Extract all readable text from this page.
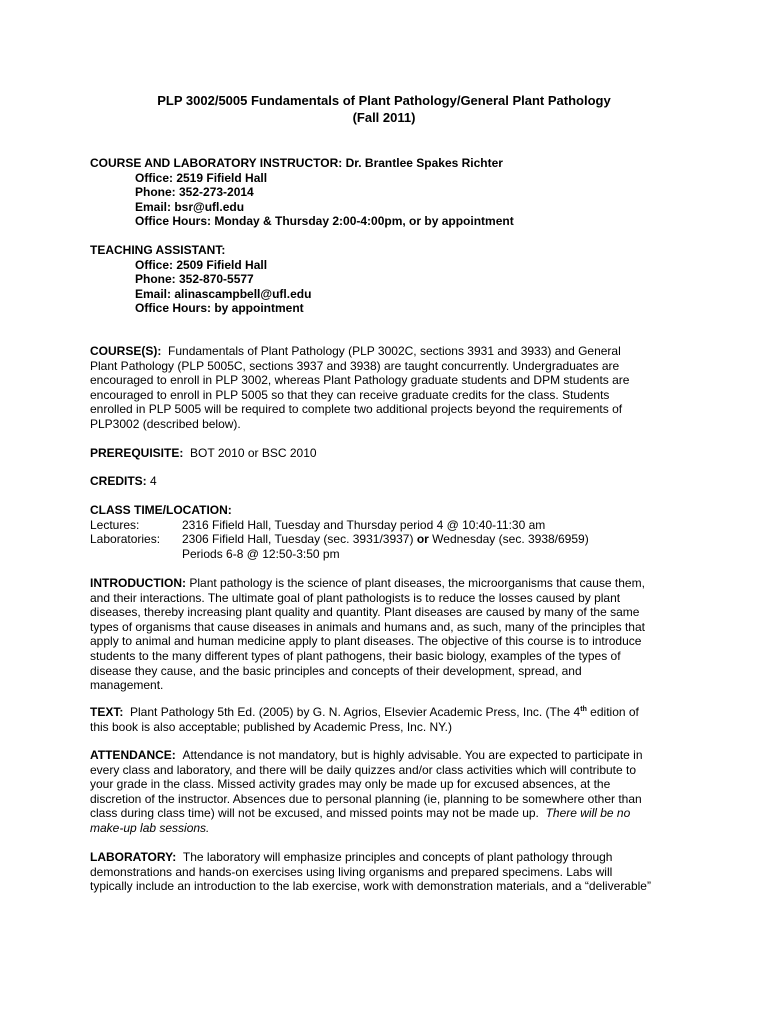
PLP 3002/5005 Fundamentals of Plant Pathology/General Plant Pathology
(Fall 2011)
COURSE AND LABORATORY INSTRUCTOR: Dr. Brantlee Spakes Richter
Office: 2519 Fifield Hall
Phone: 352-273-2014
Email: bsr@ufl.edu
Office Hours: Monday & Thursday 2:00-4:00pm, or by appointment
TEACHING ASSISTANT:
Office: 2509 Fifield Hall
Phone: 352-870-5577
Email: alinascampbell@ufl.edu
Office Hours: by appointment
COURSE(S): Fundamentals of Plant Pathology (PLP 3002C, sections 3931 and 3933) and General
Plant Pathology (PLP 5005C, sections 3937 and 3938) are taught concurrently. Undergraduates are
encouraged to enroll in PLP 3002, whereas Plant Pathology graduate students and DPM students are
encouraged to enroll in PLP 5005 so that they can receive graduate credits for the class. Students
enrolled in PLP 5005 will be required to complete two additional projects beyond the requirements of
PLP3002 (described below).
PREREQUISITE: BOT 2010 or BSC 2010
CREDITS: 4
CLASS TIME/LOCATION:
Lectures:	2316 Fifield Hall, Tuesday and Thursday period 4 @ 10:40-11:30 am
Laboratories: 2306 Fifield Hall, Tuesday (sec. 3931/3937) or Wednesday (sec. 3938/6959)
Periods 6-8 @ 12:50-3:50 pm
INTRODUCTION: Plant pathology is the science of plant diseases, the microorganisms that cause them,
and their interactions. The ultimate goal of plant pathologists is to reduce the losses caused by plant
diseases, thereby increasing plant quality and quantity. Plant diseases are caused by many of the same
types of organisms that cause diseases in animals and humans and, as such, many of the principles that
apply to animal and human medicine apply to plant diseases. The objective of this course is to introduce
students to the many different types of plant pathogens, their basic biology, examples of the types of
disease they cause, and the basic principles and concepts of their development, spread, and
management.
TEXT: Plant Pathology 5th Ed. (2005) by G. N. Agrios, Elsevier Academic Press, Inc. (The 4th edition of
this book is also acceptable; published by Academic Press, Inc. NY.)
ATTENDANCE: Attendance is not mandatory, but is highly advisable. You are expected to participate in
every class and laboratory, and there will be daily quizzes and/or class activities which will contribute to
your grade in the class. Missed activity grades may only be made up for excused absences, at the
discretion of the instructor. Absences due to personal planning (ie, planning to be somewhere other than
class during class time) will not be excused, and missed points may not be made up. There will be no
make-up lab sessions.
LABORATORY: The laboratory will emphasize principles and concepts of plant pathology through
demonstrations and hands-on exercises using living organisms and prepared specimens. Labs will
typically include an introduction to the lab exercise, work with demonstration materials, and a “deliverable”
